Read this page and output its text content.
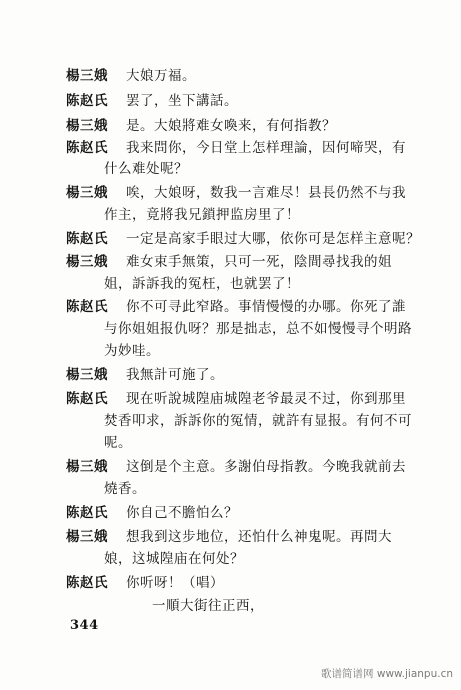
楊三娥 大娘万福。
陈赵氏 罢了，坐下講話。
楊三娥 是。大娘將难女喚来，有何指教？
陈赵氏 我来問你，今日堂上怎样理論，因何啼哭，有
什么难处呢？
楊三娥 唉，大娘呀，数我一言难尽！县長仍然不与我
作主，竟將我兄鎖押监房里了！
陈赵氏 一定是高家手眼过大哪，依你可是怎样主意呢？
楊三娥 难女束手無策，只可一死，陰間尋找我的姐
姐，訴訴我的冤枉，也就罢了！
陈赵氏 你不可寻此窄路。事情慢慢的办哪。你死了誰
与你姐姐报仇呀？那是拙志，总不如慢慢寻个明路
为妙哇。
楊三娥 我無計可施了。
陈赵氏 现在听說城隍庙城隍老爷最灵不过，你到那里
焚香叩求，訴訴你的冤情，就許有显报。有何不可
呢。
楊三娥 这倒是个主意。多謝伯母指教。今晚我就前去
燒香。
陈赵氏 你自己不膽怕么？
楊三娥 想我到这步地位，还怕什么神鬼呢。再問大
娘，这城隍庙在何处？
陈赵氏 你听呀！（唱）
一順大街往正西，
344
歌谱简谱网 www.jianpu.cn
